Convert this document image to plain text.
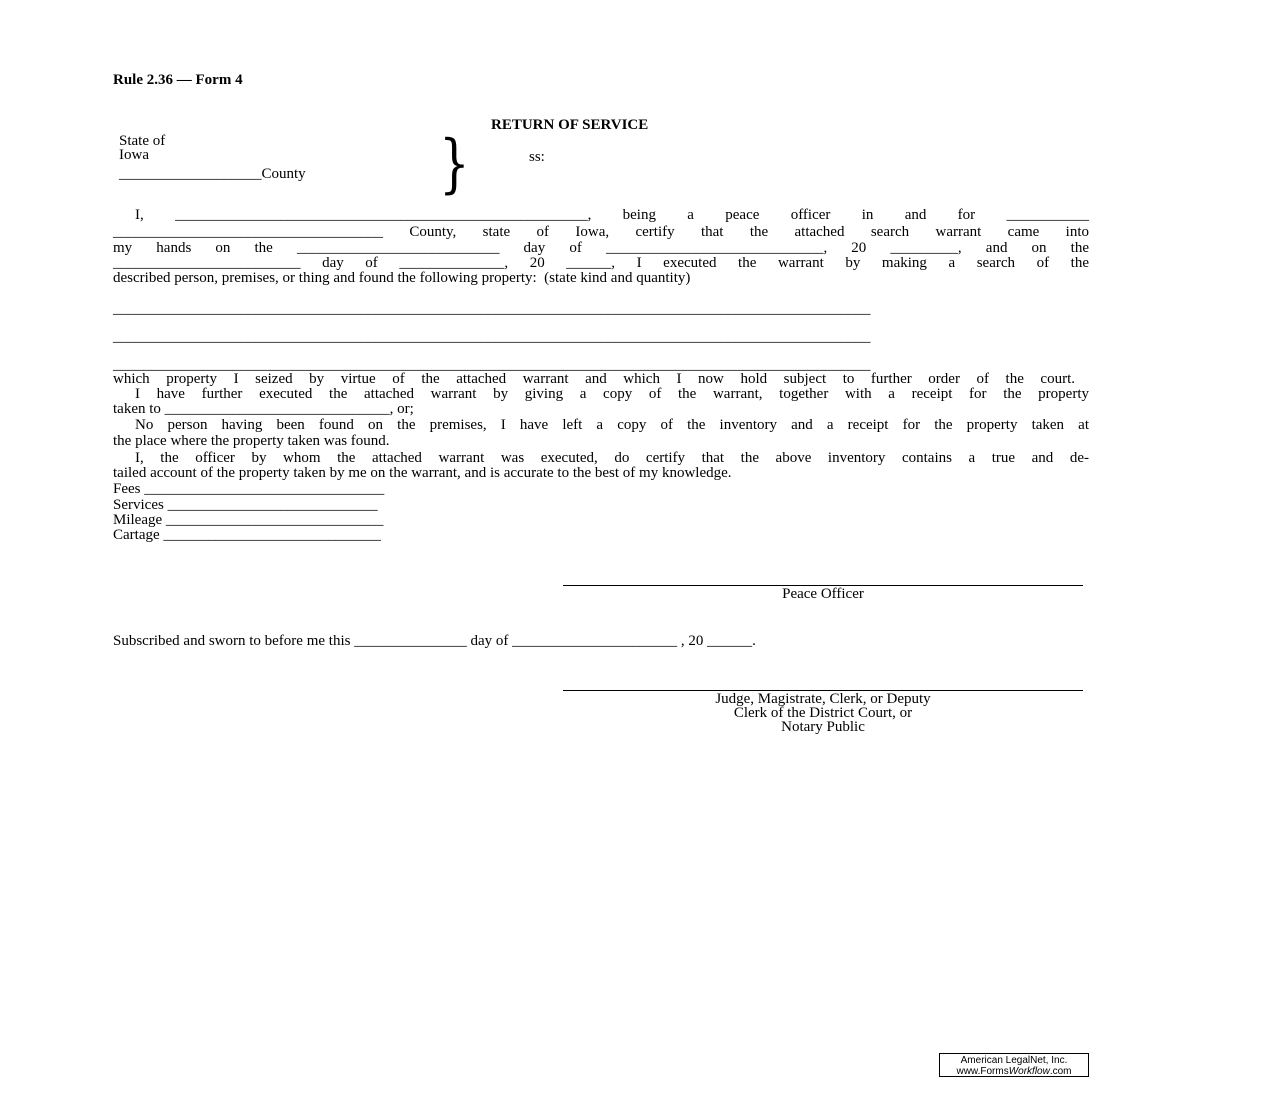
Rule 2.36 — Form 4
RETURN OF SERVICE
State of
Iowa
___________________County }	ss:
I, _______________________________________________________, being a peace officer in and for ___________
____________________________________ County, state of Iowa, certify that the attached search warrant came into
my hands on the ___________________________ day of _____________________________, 20 _________, and on the
_________________________ day of ______________, 20 ______, I executed the warrant by making a search of the
described person, premises, or thing and found the following property:  (state kind and quantity)
_____________________________________________________________________________________________________
_____________________________________________________________________________________________________
_____________________________________________________________________________________________________
which property I seized by virtue of the attached warrant and which I now hold subject to further order of the court.
I have further executed the attached warrant by giving a copy of the warrant, together with a receipt for the property
taken to ______________________________, or;
No person having been found on the premises, I have left a copy of the inventory and a receipt for the property taken at
the place where the property taken was found.
I, the officer by whom the attached warrant was executed, do certify that the above inventory contains a true and de-
tailed account of the property taken by me on the warrant, and is accurate to the best of my knowledge.
Fees ________________________________
Services ____________________________
Mileage _____________________________
Cartage _____________________________
Peace Officer
Subscribed and sworn to before me this _______________ day of ______________________ , 20 ______.
Judge, Magistrate, Clerk, or Deputy
Clerk of the District Court, or
Notary Public
American LegalNet, Inc.
www.FormsWorkflow.com
